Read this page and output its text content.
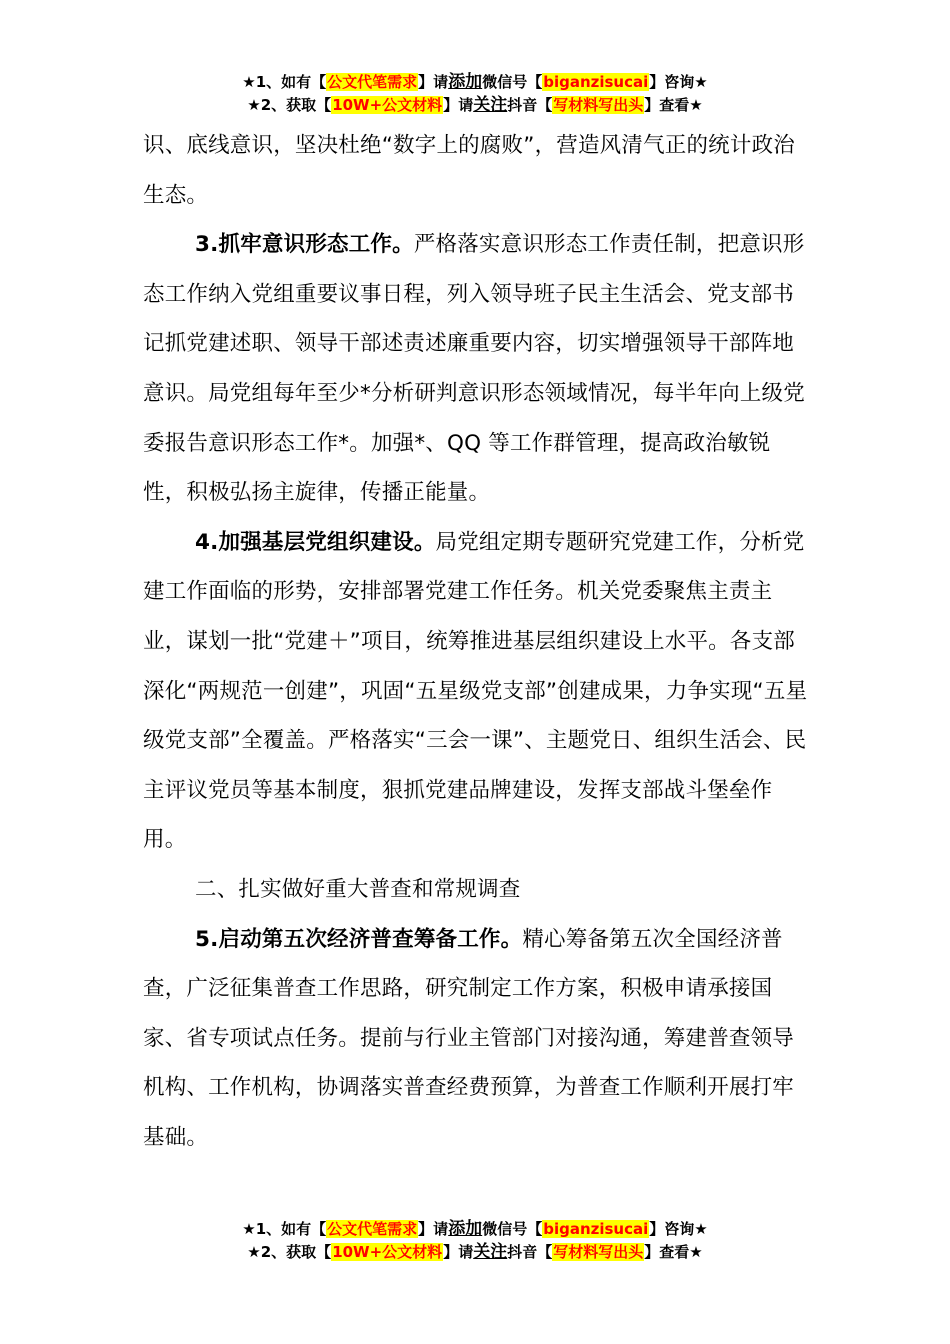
★1、如有【公文代笔需求】请添加微信号【biganzisucai】咨询★
★2、获取【10W+公文材料】请关注抖音【写材料写出头】查看★

识、底线意识，坚决杜绝“数字上的腐败”，营造风清气正的统计政治生态。

3.抓牢意识形态工作。严格落实意识形态工作责任制，把意识形态工作纳入党组重要议事日程，列入领导班子民主生活会、党支部书记抓党建述职、领导干部述责述廉重要内容，切实增强领导干部阵地意识。局党组每年至少*分析研判意识形态领域情况，每半年向上级党委报告意识形态工作*。加强*、QQ 等工作群管理，提高政治敏锐性，积极弘扬主旋律，传播正能量。

4.加强基层党组织建设。局党组定期专题研究党建工作，分析党建工作面临的形势，安排部署党建工作任务。机关党委聚焦主责主业，谋划一批“党建＋”项目，统筹推进基层组织建设上水平。各支部深化“两规范一创建”，巩固“五星级党支部”创建成果，力争实现“五星级党支部”全覆盖。严格落实“三会一课”、主题党日、组织生活会、民主评议党员等基本制度，狠抓党建品牌建设，发挥支部战斗堡垒作用。

二、扎实做好重大普查和常规调查

5.启动第五次经济普查筹备工作。精心筹备第五次全国经济普查，广泛征集普查工作思路，研究制定工作方案，积极申请承接国家、省专项试点任务。提前与行业主管部门对接沟通，筹建普查领导机构、工作机构，协调落实普查经费预算，为普查工作顺利开展打牢基础。

★1、如有【公文代笔需求】请添加微信号【biganzisucai】咨询★
★2、获取【10W+公文材料】请关注抖音【写材料写出头】查看★
